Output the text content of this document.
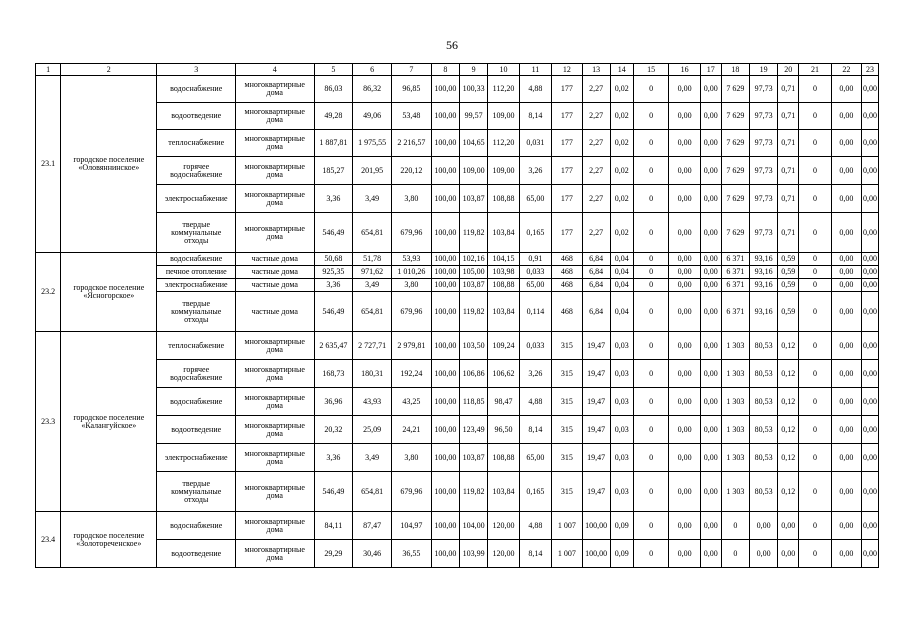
56
1	2	3	4	5	6	7	8	9	10	11	12	13	14	15	16	17	18	19	20	21	22	23
23.1	городское поселение «Оловяннинское»	водоснабжение	многоквартирные дома	86,03	86,32	96,85	100,00	100,33	112,20	4,88	177	2,27	0,02	0	0,00	0,00	7 629	97,73	0,71	0	0,00	0,00
		водоотведение	многоквартирные дома	49,28	49,06	53,48	100,00	99,57	109,00	8,14	177	2,27	0,02	0	0,00	0,00	7 629	97,73	0,71	0	0,00	0,00
		теплоснабжение	многоквартирные дома	1 887,81	1 975,55	2 216,57	100,00	104,65	112,20	0,031	177	2,27	0,02	0	0,00	0,00	7 629	97,73	0,71	0	0,00	0,00
		горячее водоснабжение	многоквартирные дома	185,27	201,95	220,12	100,00	109,00	109,00	3,26	177	2,27	0,02	0	0,00	0,00	7 629	97,73	0,71	0	0,00	0,00
		электроснабжение	многоквартирные дома	3,36	3,49	3,80	100,00	103,87	108,88	65,00	177	2,27	0,02	0	0,00	0,00	7 629	97,73	0,71	0	0,00	0,00
		твердые коммунальные отходы	многоквартирные дома	546,49	654,81	679,96	100,00	119,82	103,84	0,165	177	2,27	0,02	0	0,00	0,00	7 629	97,73	0,71	0	0,00	0,00
23.2	городское поселение «Ясногорское»	водоснабжение	частные дома	50,68	51,78	53,93	100,00	102,16	104,15	0,91	468	6,84	0,04	0	0,00	0,00	6 371	93,16	0,59	0	0,00	0,00
		печное отопление	частные дома	925,35	971,62	1 010,26	100,00	105,00	103,98	0,033	468	6,84	0,04	0	0,00	0,00	6 371	93,16	0,59	0	0,00	0,00
		электроснабжение	частные дома	3,36	3,49	3,80	100,00	103,87	108,88	65,00	468	6,84	0,04	0	0,00	0,00	6 371	93,16	0,59	0	0,00	0,00
		твердые коммунальные отходы	частные дома	546,49	654,81	679,96	100,00	119,82	103,84	0,114	468	6,84	0,04	0	0,00	0,00	6 371	93,16	0,59	0	0,00	0,00
23.3	городское поселение «Калангуйское»	теплоснабжение	многоквартирные дома	2 635,47	2 727,71	2 979,81	100,00	103,50	109,24	0,033	315	19,47	0,03	0	0,00	0,00	1 303	80,53	0,12	0	0,00	0,00
		горячее водоснабжение	многоквартирные дома	168,73	180,31	192,24	100,00	106,86	106,62	3,26	315	19,47	0,03	0	0,00	0,00	1 303	80,53	0,12	0	0,00	0,00
		водоснабжение	многоквартирные дома	36,96	43,93	43,25	100,00	118,85	98,47	4,88	315	19,47	0,03	0	0,00	0,00	1 303	80,53	0,12	0	0,00	0,00
		водоотведение	многоквартирные дома	20,32	25,09	24,21	100,00	123,49	96,50	8,14	315	19,47	0,03	0	0,00	0,00	1 303	80,53	0,12	0	0,00	0,00
		электроснабжение	многоквартирные дома	3,36	3,49	3,80	100,00	103,87	108,88	65,00	315	19,47	0,03	0	0,00	0,00	1 303	80,53	0,12	0	0,00	0,00
		твердые коммунальные отходы	многоквартирные дома	546,49	654,81	679,96	100,00	119,82	103,84	0,165	315	19,47	0,03	0	0,00	0,00	1 303	80,53	0,12	0	0,00	0,00
23.4	городское поселение «Золотореченское»	водоснабжение	многоквартирные дома	84,11	87,47	104,97	100,00	104,00	120,00	4,88	1 007	100,00	0,09	0	0,00	0,00	0	0,00	0,00	0	0,00	0,00
		водоотведение	многоквартирные дома	29,29	30,46	36,55	100,00	103,99	120,00	8,14	1 007	100,00	0,09	0	0,00	0,00	0	0,00	0,00	0	0,00	0,00
